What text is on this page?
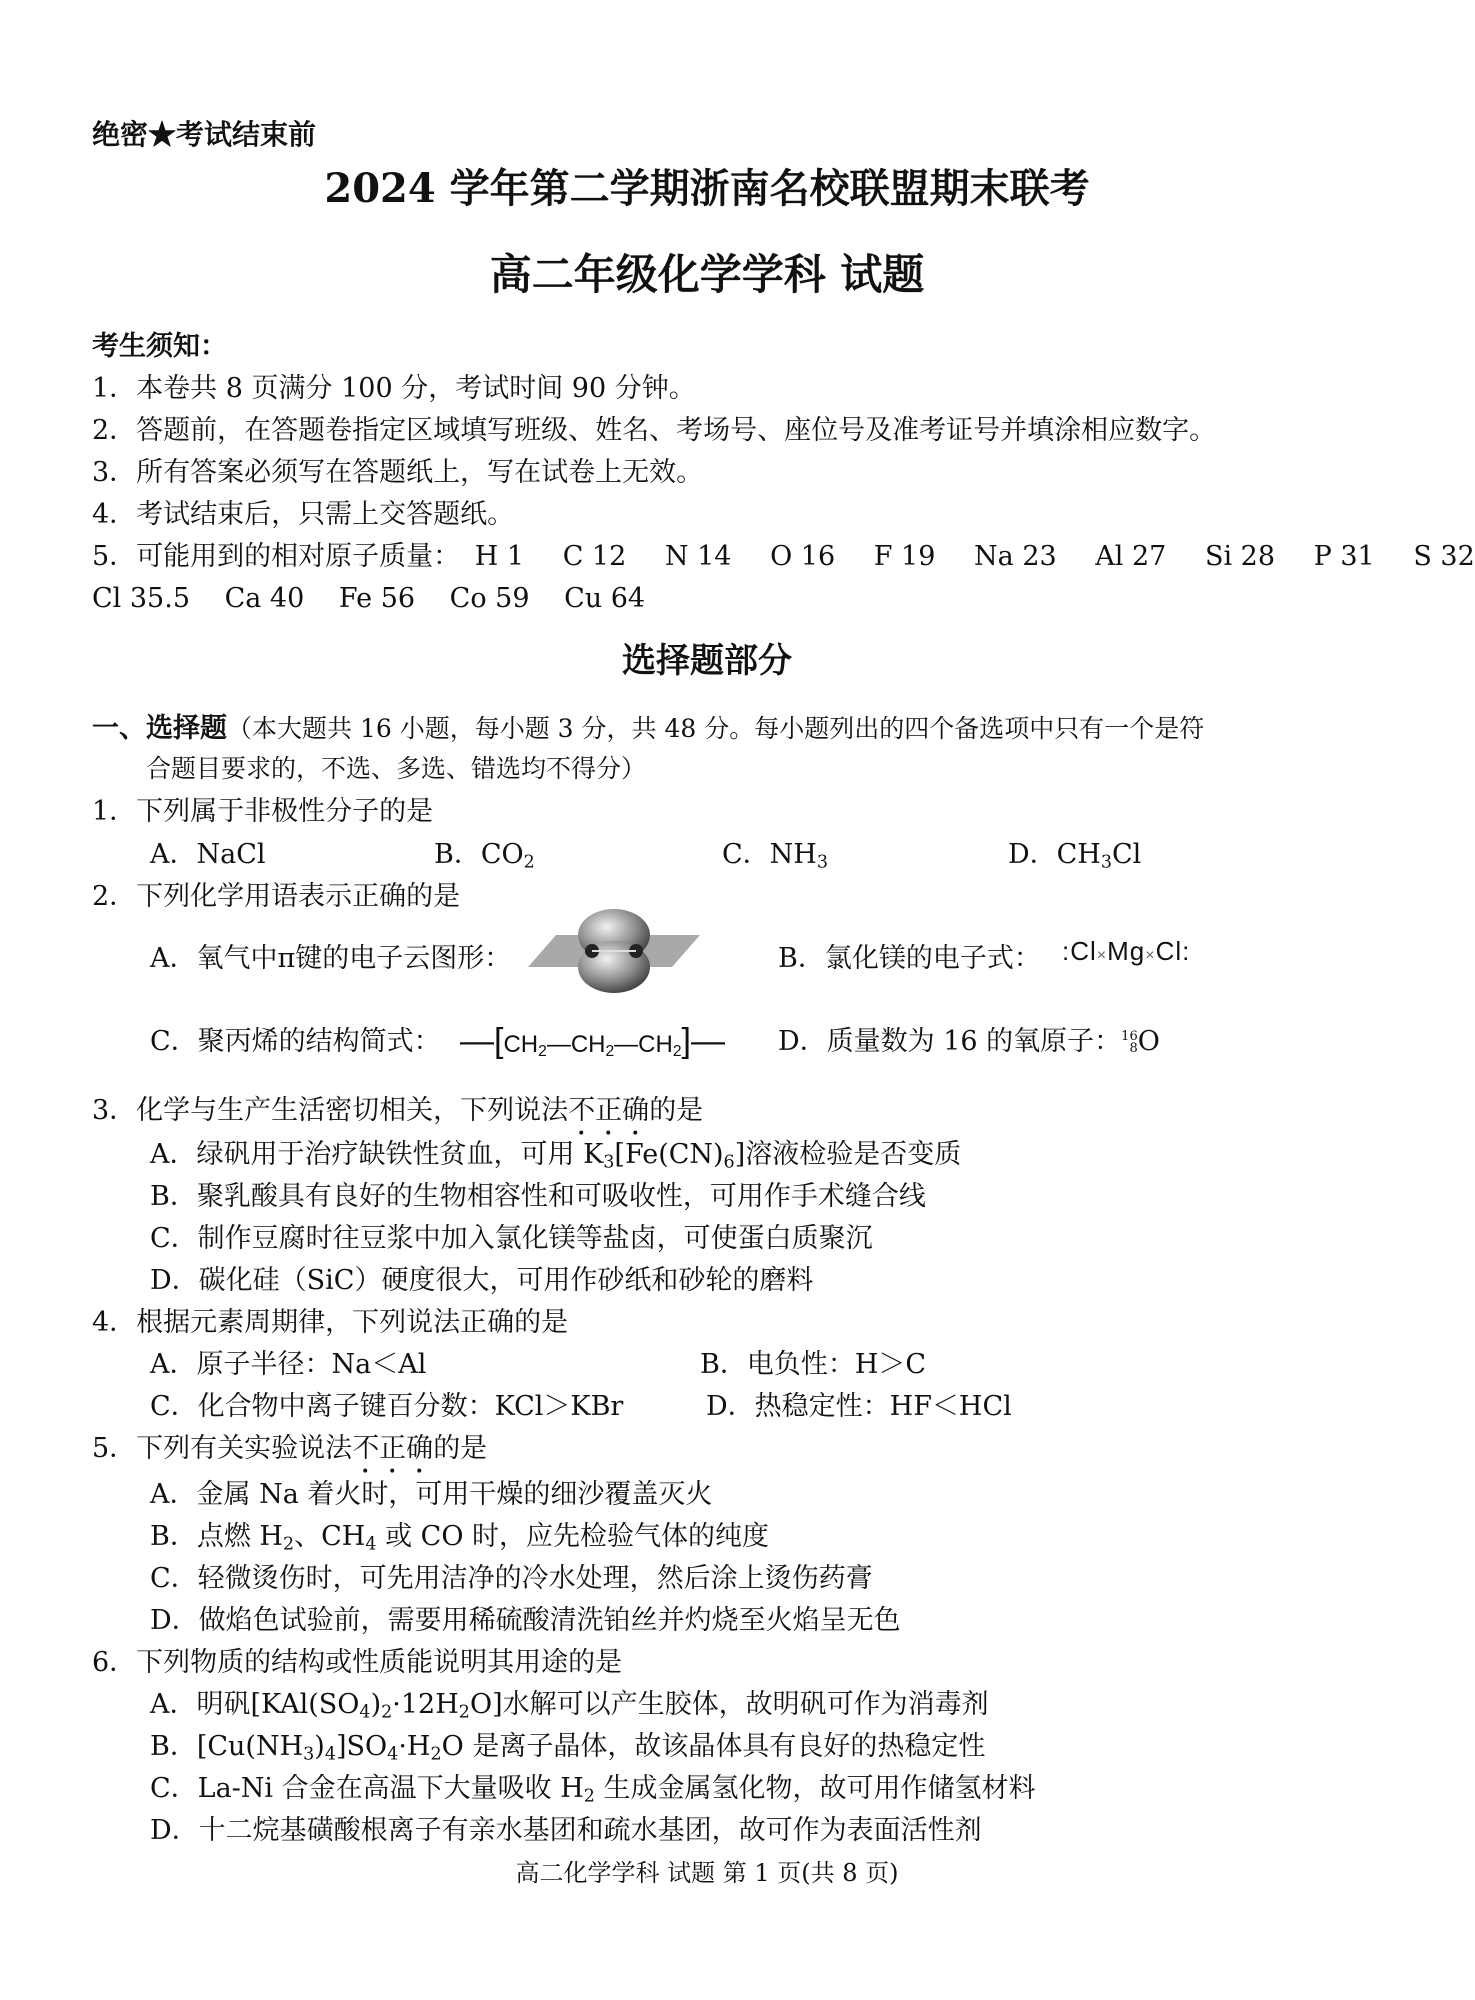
绝密★考试结束前
2024 学年第二学期浙南名校联盟期末联考
高二年级化学学科 试题
考生须知：
1．本卷共 8 页满分 100 分，考试时间 90 分钟。
2．答题前，在答题卷指定区域填写班级、姓名、考场号、座位号及准考证号并填涂相应数字。
3．所有答案必须写在答题纸上，写在试卷上无效。
4．考试结束后，只需上交答题纸。
5．可能用到的相对原子质量： H 1 C 12 N 14 O 16 F 19 Na 23 Al 27 Si 28 P 31 S 32
Cl 35.5 Ca 40 Fe 56 Co 59 Cu 64
选择题部分
一、选择题（本大题共 16 小题，每小题 3 分，共 48 分。每小题列出的四个备选项中只有一个是符
合题目要求的，不选、多选、错选均不得分）
1．下列属于非极性分子的是
A．NaCl	B．$CO_2$	C．$NH_3$	D．$CH_3Cl$
2．下列化学用语表示正确的是
A．氧气中π键的电子云图形：	B．氯化镁的电子式： :Cl×Mg×Cl:
C．聚丙烯的结构简式： $—[CH_2—CH_2—CH_2]—$ D．质量数为 16 的氧原子： 16
8 O
3．化学与生产生活密切相关，下列说法不正确的是
A．绿矾用于治疗缺铁性贫血，可用 $K_3[Fe(CN)_6]$溶液检验是否变质
B．聚乳酸具有良好的生物相容性和可吸收性，可用作手术缝合线
C．制作豆腐时往豆浆中加入氯化镁等盐卤，可使蛋白质聚沉
D．碳化硅（SiC）硬度很大，可用作砂纸和砂轮的磨料
4．根据元素周期律，下列说法正确的是
A．原子半径：Na＜Al	B．电负性：H＞C
C．化合物中离子键百分数：KCl＞KBr	D．热稳定性：HF＜HCl
5．下列有关实验说法不正确的是
A．金属 Na 着火时，可用干燥的细沙覆盖灭火
B．点燃 $H_2$、$CH_4$ 或 CO 时，应先检验气体的纯度
C．轻微烫伤时，可先用洁净的冷水处理，然后涂上烫伤药膏
D．做焰色试验前，需要用稀硫酸清洗铂丝并灼烧至火焰呈无色
6．下列物质的结构或性质能说明其用途的是
A．明矾$[KAl(SO_4)_2\cdot 12H_2O]$水解可以产生胶体，故明矾可作为消毒剂
B．$[Cu(NH_3)_4]SO_4\cdot H_2O$ 是离子晶体，故该晶体具有良好的热稳定性
C．La-Ni 合金在高温下大量吸收 $H_2$ 生成金属氢化物，故可用作储氢材料
D．十二烷基磺酸根离子有亲水基团和疏水基团，故可作为表面活性剂
高二化学学科 试题 第 1 页(共 8 页)
